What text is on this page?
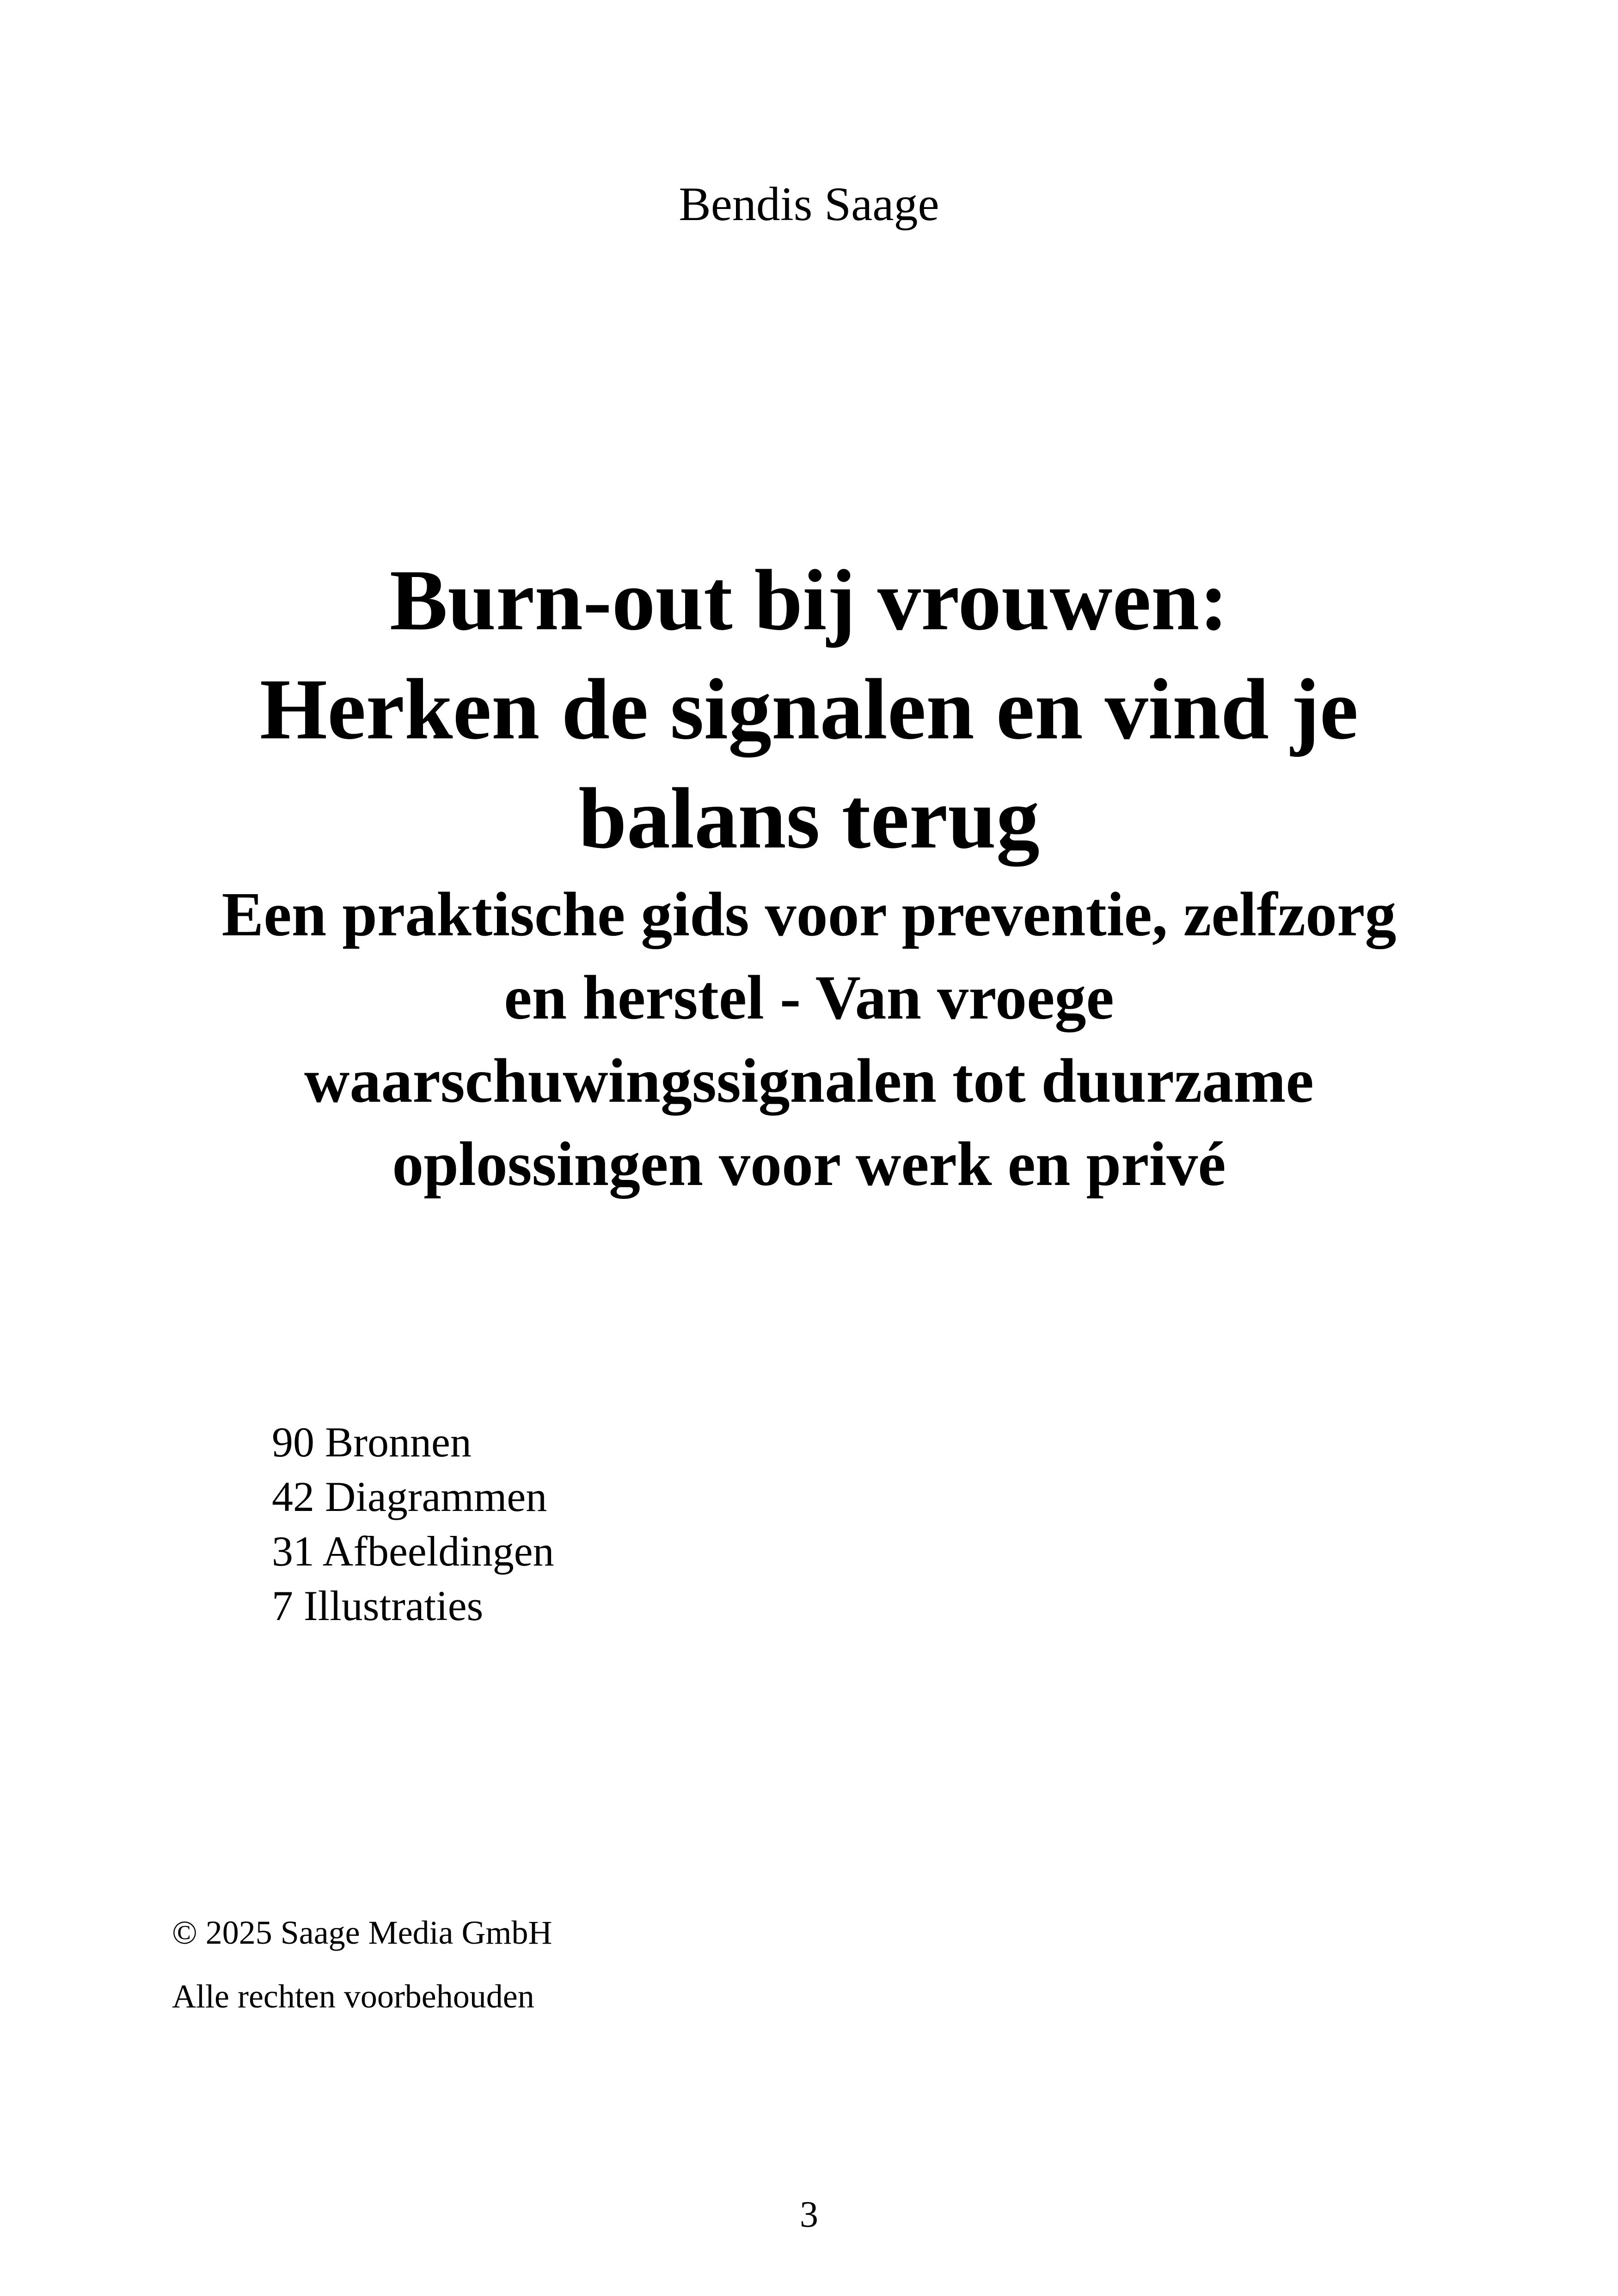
Bendis Saage
Burn-out bij vrouwen:
Herken de signalen en vind je
balans terug
Een praktische gids voor preventie, zelfzorg
en herstel - Van vroege
waarschuwingssignalen tot duurzame
oplossingen voor werk en privé
90 Bronnen
42 Diagrammen
31 Afbeeldingen
7 Illustraties
© 2025 Saage Media GmbH
Alle rechten voorbehouden
3
